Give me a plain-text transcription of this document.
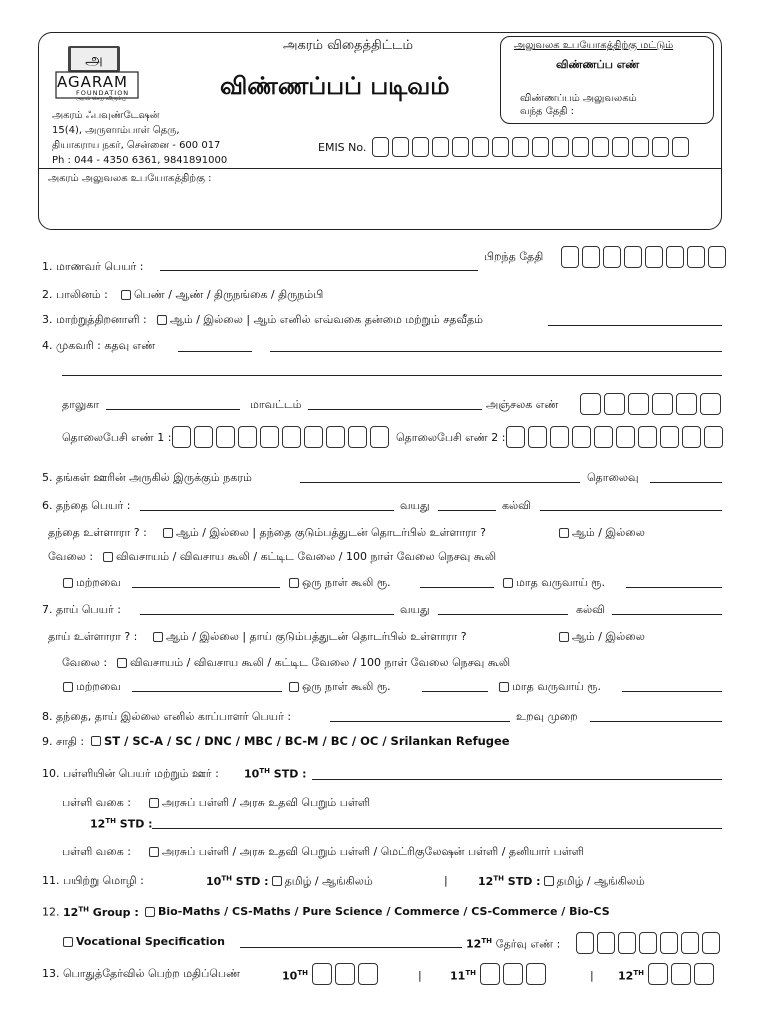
அ
AGARAM
FOUNDATION
அறம் செய விரும்பு
அகரம் ஃபவுண்டேஷன்
15(4), அருளாம்பாள் தெரு,
தியாகராய நகர், சென்னை - 600 017
Ph : 044 - 4350 6361, 9841891000
அகரம் விதைத்திட்டம்
விண்ணப்பப் படிவம்
அலுவலக உபயோகத்திற்கு மட்டும்
விண்ணப்ப எண்
விண்ணப்பம் அலுவலகம்
வந்த தேதி :
EMIS No.
அகரம் அலுவலக உபயோகத்திற்கு :
1. மாணவர் பெயர் :
பிறந்த தேதி
2. பாலினம் :	பெண் / ஆண் / திருநங்கை / திருநம்பி
3. மாற்றுத்திறனாளி :	ஆம் / இல்லை | ஆம் எனில் எவ்வகை தன்மை மற்றும் சதவீதம்
4. முகவரி : கதவு எண்
தாலுகா	மாவட்டம்	அஞ்சலக எண்
தொலைபேசி எண் 1 :	தொலைபேசி எண் 2 :
5. தங்கள் ஊரின் அருகில் இருக்கும் நகரம்	தொலைவு
6. தந்தை பெயர் :	வயது	கல்வி
தந்தை உள்ளாரா ? :	ஆம் / இல்லை | தந்தை குடும்பத்துடன் தொடர்பில் உள்ளாரா ?	ஆம் / இல்லை
வேலை :	விவசாயம் / விவசாய கூலி / கட்டிட வேலை / 100 நாள் வேலை நெசவு கூலி
மற்றவை	ஒரு நாள் கூலி ரூ.	மாத வருவாய் ரூ.
7. தாய் பெயர் :	வயது	கல்வி
தாய் உள்ளாரா ? :	ஆம் / இல்லை | தாய் குடும்பத்துடன் தொடர்பில் உள்ளாரா ?	ஆம் / இல்லை
வேலை :	விவசாயம் / விவசாய கூலி / கட்டிட வேலை / 100 நாள் வேலை நெசவு கூலி
மற்றவை	ஒரு நாள் கூலி ரூ.	மாத வருவாய் ரூ.
8. தந்தை, தாய் இல்லை எனில் காப்பாளர் பெயர் :	உறவு முறை
9. சாதி :	ST / SC-A / SC / DNC / MBC / BC-M / BC / OC / Srilankan Refugee
10. பள்ளியின் பெயர் மற்றும் ஊர் : 10TH STD :
பள்ளி வகை :	அரசுப் பள்ளி / அரசு உதவி பெறும் பள்ளி
12TH STD :
பள்ளி வகை :	அரசுப் பள்ளி / அரசு உதவி பெறும் பள்ளி / மெட்ரிகுலேஷன் பள்ளி / தனியார் பள்ளி
11. பயிற்று மொழி :	10TH STD : தமிழ் / ஆங்கிலம்	|	12TH STD : தமிழ் / ஆங்கிலம்
12. 12TH Group :	Bio-Maths / CS-Maths / Pure Science / Commerce / CS-Commerce / Bio-CS
Vocational Specification	12TH தேர்வு எண் :
13. பொதுத்தேர்வில் பெற்ற மதிப்பெண்	10TH	|	11TH	| 12TH
